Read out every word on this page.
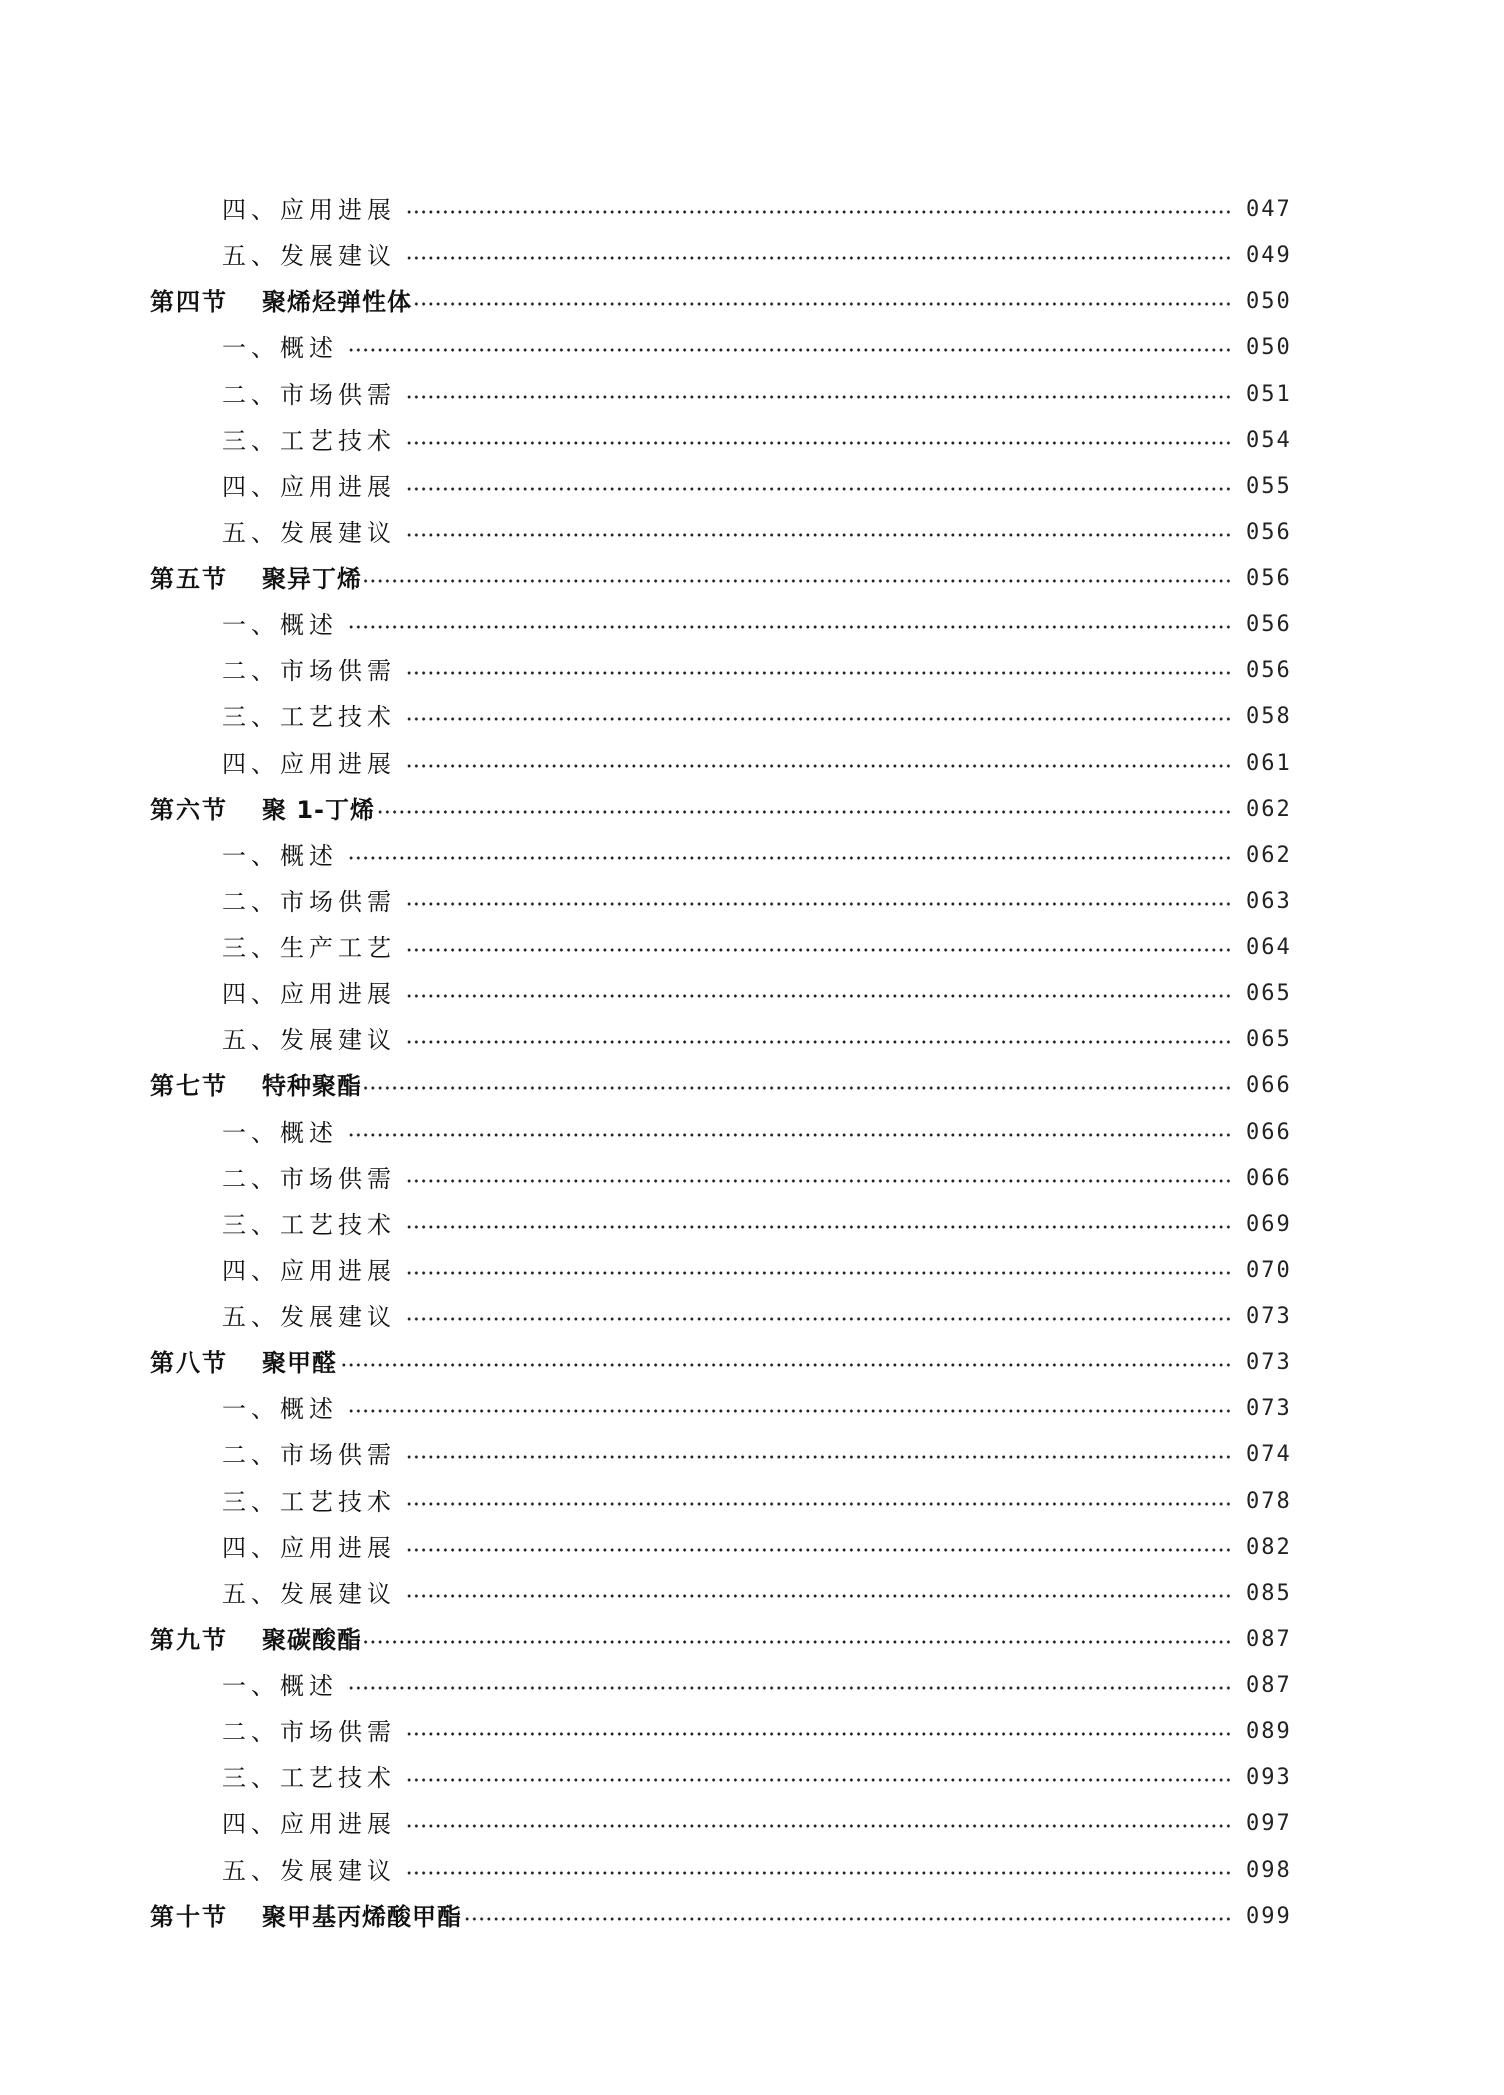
四、应用进展	047
五、发展建议	049
第四节 聚烯烃弹性体	050
一、概述	050
二、市场供需	051
三、工艺技术	054
四、应用进展	055
五、发展建议	056
第五节 聚异丁烯	056
一、概述	056
二、市场供需	056
三、工艺技术	058
四、应用进展	061
第六节 聚 1-丁烯	062
一、概述	062
二、市场供需	063
三、生产工艺	064
四、应用进展	065
五、发展建议	065
第七节 特种聚酯	066
一、概述	066
二、市场供需	066
三、工艺技术	069
四、应用进展	070
五、发展建议	073
第八节 聚甲醛	073
一、概述	073
二、市场供需	074
三、工艺技术	078
四、应用进展	082
五、发展建议	085
第九节 聚碳酸酯	087
一、概述	087
二、市场供需	089
三、工艺技术	093
四、应用进展	097
五、发展建议	098
第十节 聚甲基丙烯酸甲酯	099
